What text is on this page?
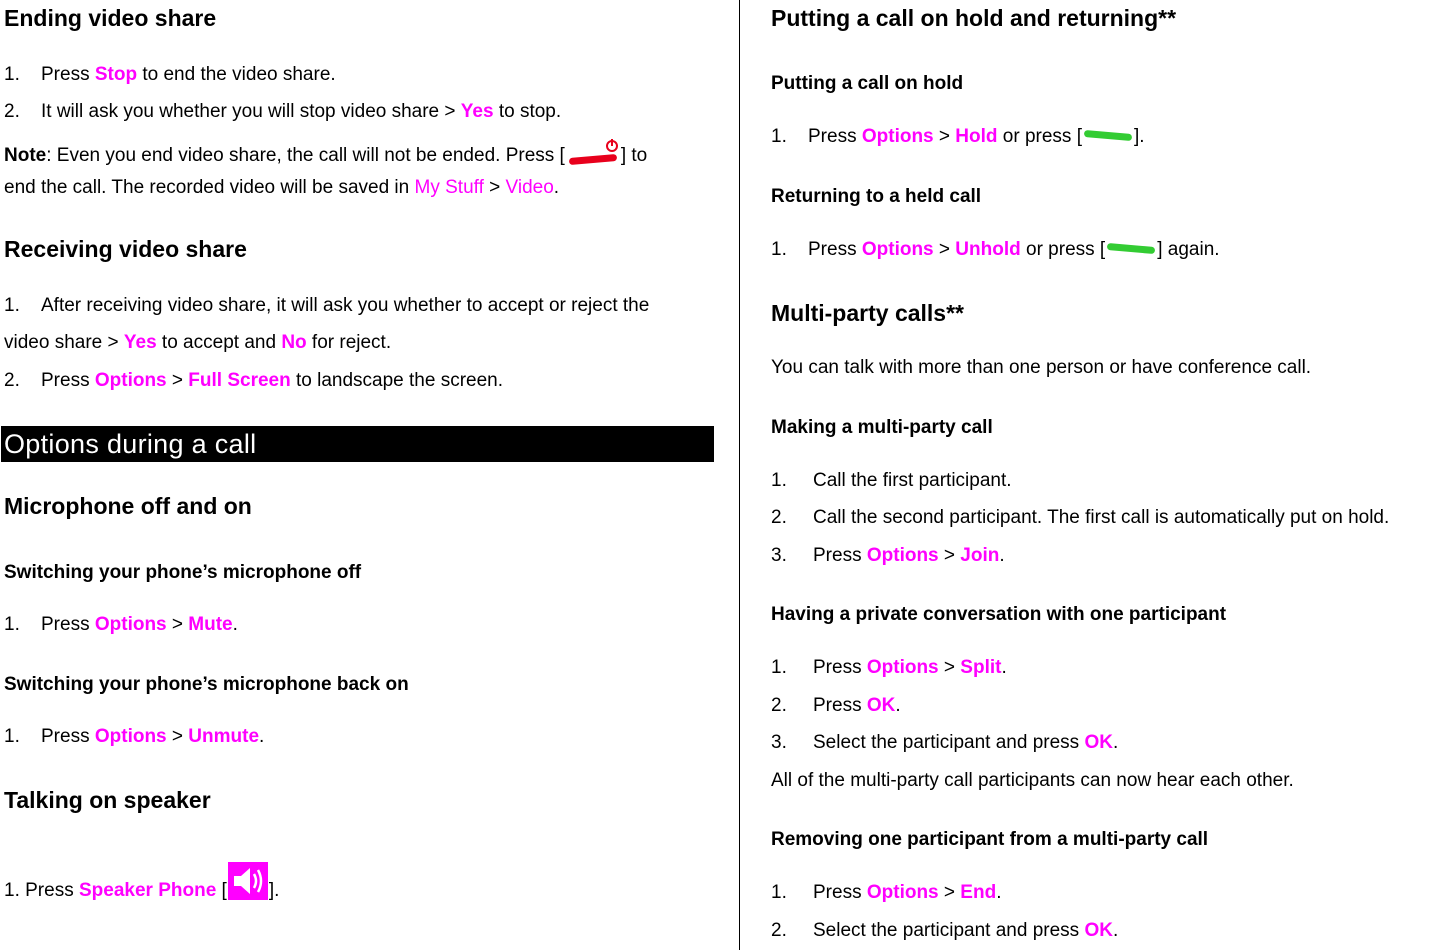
Ending video share
1. Press Stop to end the video share.
2. It will ask you whether you will stop video share > Yes to stop.
Note: Even you end video share, the call will not be ended. Press [	] to
end the call. The recorded video will be saved in My Stuff > Video.
Receiving video share
1. After receiving video share, it will ask you whether to accept or reject the
video share > Yes to accept and No for reject.
2. Press Options > Full Screen to landscape the screen.
Options during a call
Microphone off and on
Switching your phone’s microphone off
1. Press Options > Mute.
Switching your phone’s microphone back on
1. Press Options > Unmute.
Talking on speaker
1. Press Speaker Phone [ ].
Putting a call on hold and returning**
Putting a call on hold
1. Press Options > Hold or press [	].
Returning to a held call
1. Press Options > Unhold or press [	] again.
Multi-party calls**
You can talk with more than one person or have conference call.
Making a multi-party call
1. Call the first participant.
2. Call the second participant. The first call is automatically put on hold.
3. Press Options > Join.
Having a private conversation with one participant
1. Press Options > Split.
2. Press OK.
3. Select the participant and press OK.
All of the multi-party call participants can now hear each other.
Removing one participant from a multi-party call
1. Press Options > End.
2. Select the participant and press OK.
